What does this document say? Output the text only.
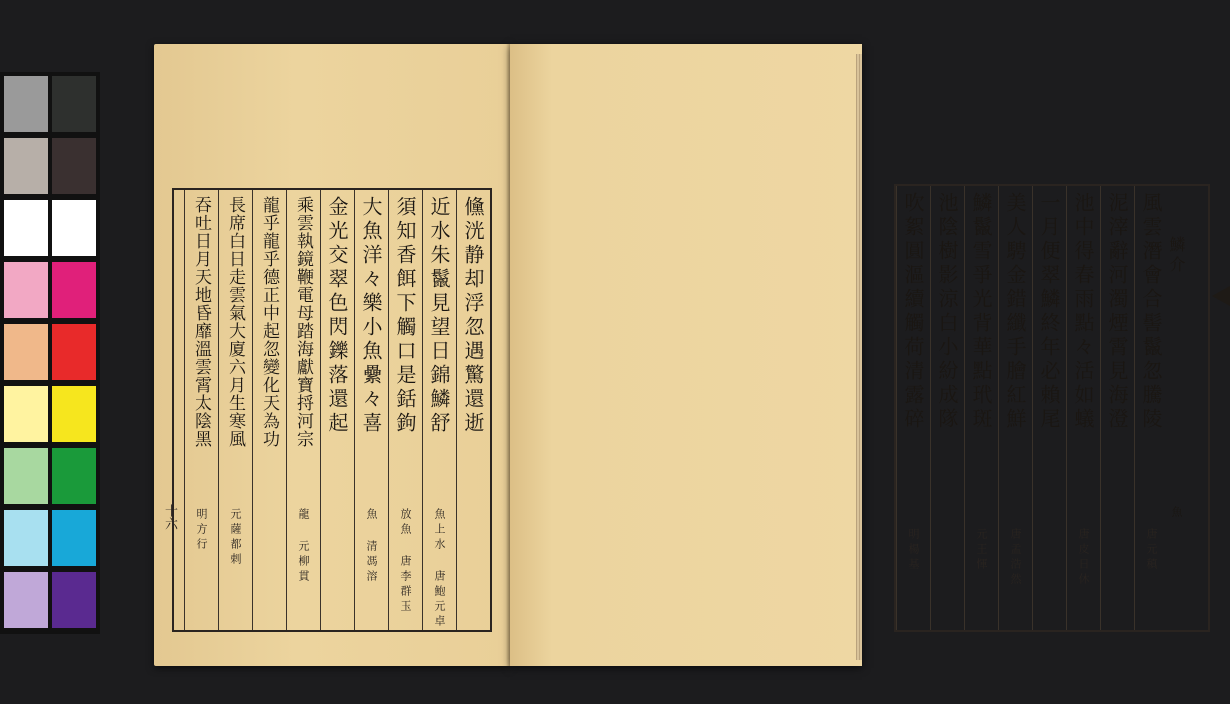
儵洸静却浮忽遇驚還逝
近水朱鬣見望日錦鱗舒
魚上水 唐鮑元卓
須知香餌下觸口是銛鉤
放魚 唐李群玉
大魚洋々樂小魚纍々喜
魚 清馮溶
金光交翠色閃鑠落還起
乘雲執鏡鞭電母踏海獻寶捋河宗
龍 元柳貫
龍乎龍乎德正中起忽變化天為功
長席白日走雲氣大廈六月生寒風
元薩都剌
吞吐日月天地昏靡溫雲霄太陰黑
明方行
十六
鱗介
魚
風雲潛會合髻鬣忽騰陵
唐元稹
泥滓辭河濁煙霄見海澄
池中得春雨點々活如蟻
唐皮日休
一月便翠鱗終年必賴尾
美人騁金錯纖手膾紅鮮
唐孟浩然
鱗鬣雪爭光背華點玳斑
元王惲
池陰樹影涼白小紛成隊
吹絮圓漚續觸荷清露碎
明楊基
